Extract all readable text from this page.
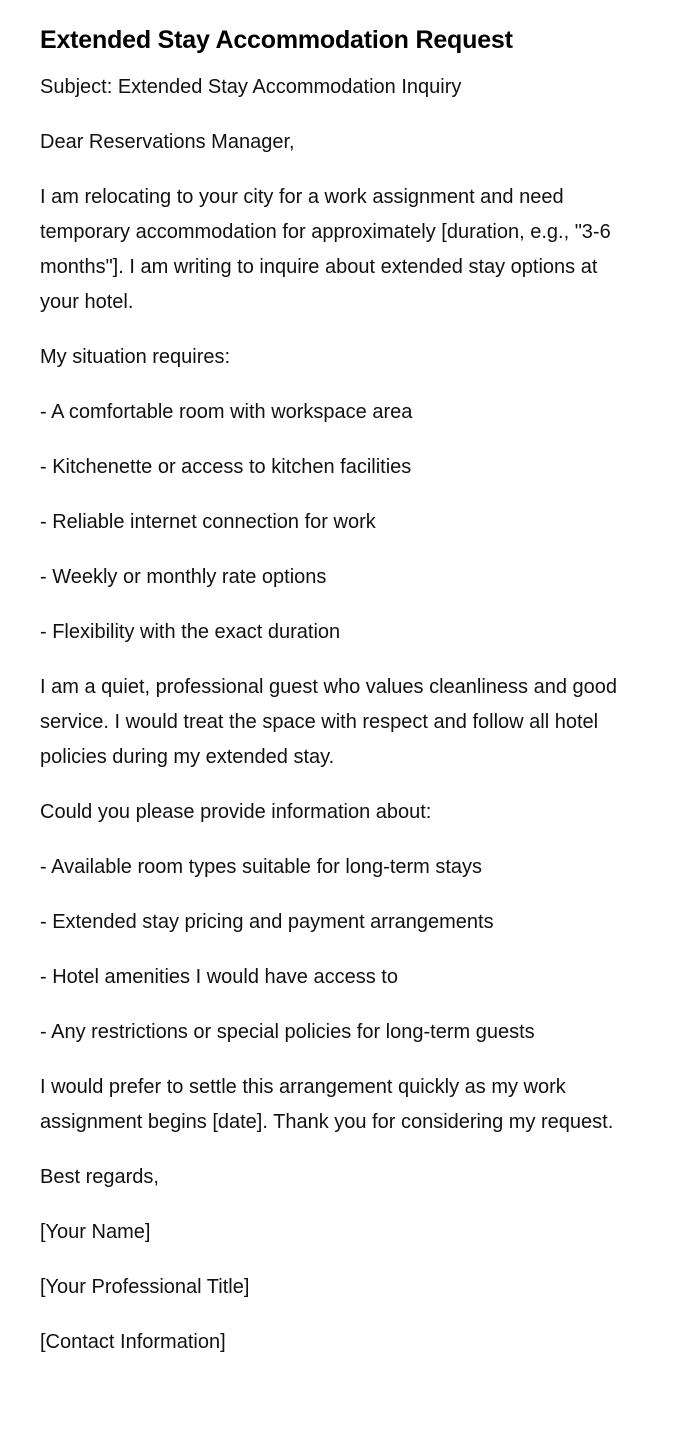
Extended Stay Accommodation Request

Subject: Extended Stay Accommodation Inquiry

Dear Reservations Manager,

I am relocating to your city for a work assignment and need temporary accommodation for approximately [duration, e.g., "3-6 months"]. I am writing to inquire about extended stay options at your hotel.

My situation requires:

- A comfortable room with workspace area

- Kitchenette or access to kitchen facilities

- Reliable internet connection for work

- Weekly or monthly rate options

- Flexibility with the exact duration

I am a quiet, professional guest who values cleanliness and good service. I would treat the space with respect and follow all hotel policies during my extended stay.

Could you please provide information about:

- Available room types suitable for long-term stays

- Extended stay pricing and payment arrangements

- Hotel amenities I would have access to

- Any restrictions or special policies for long-term guests

I would prefer to settle this arrangement quickly as my work assignment begins [date]. Thank you for considering my request.

Best regards,

[Your Name]

[Your Professional Title]

[Contact Information]
